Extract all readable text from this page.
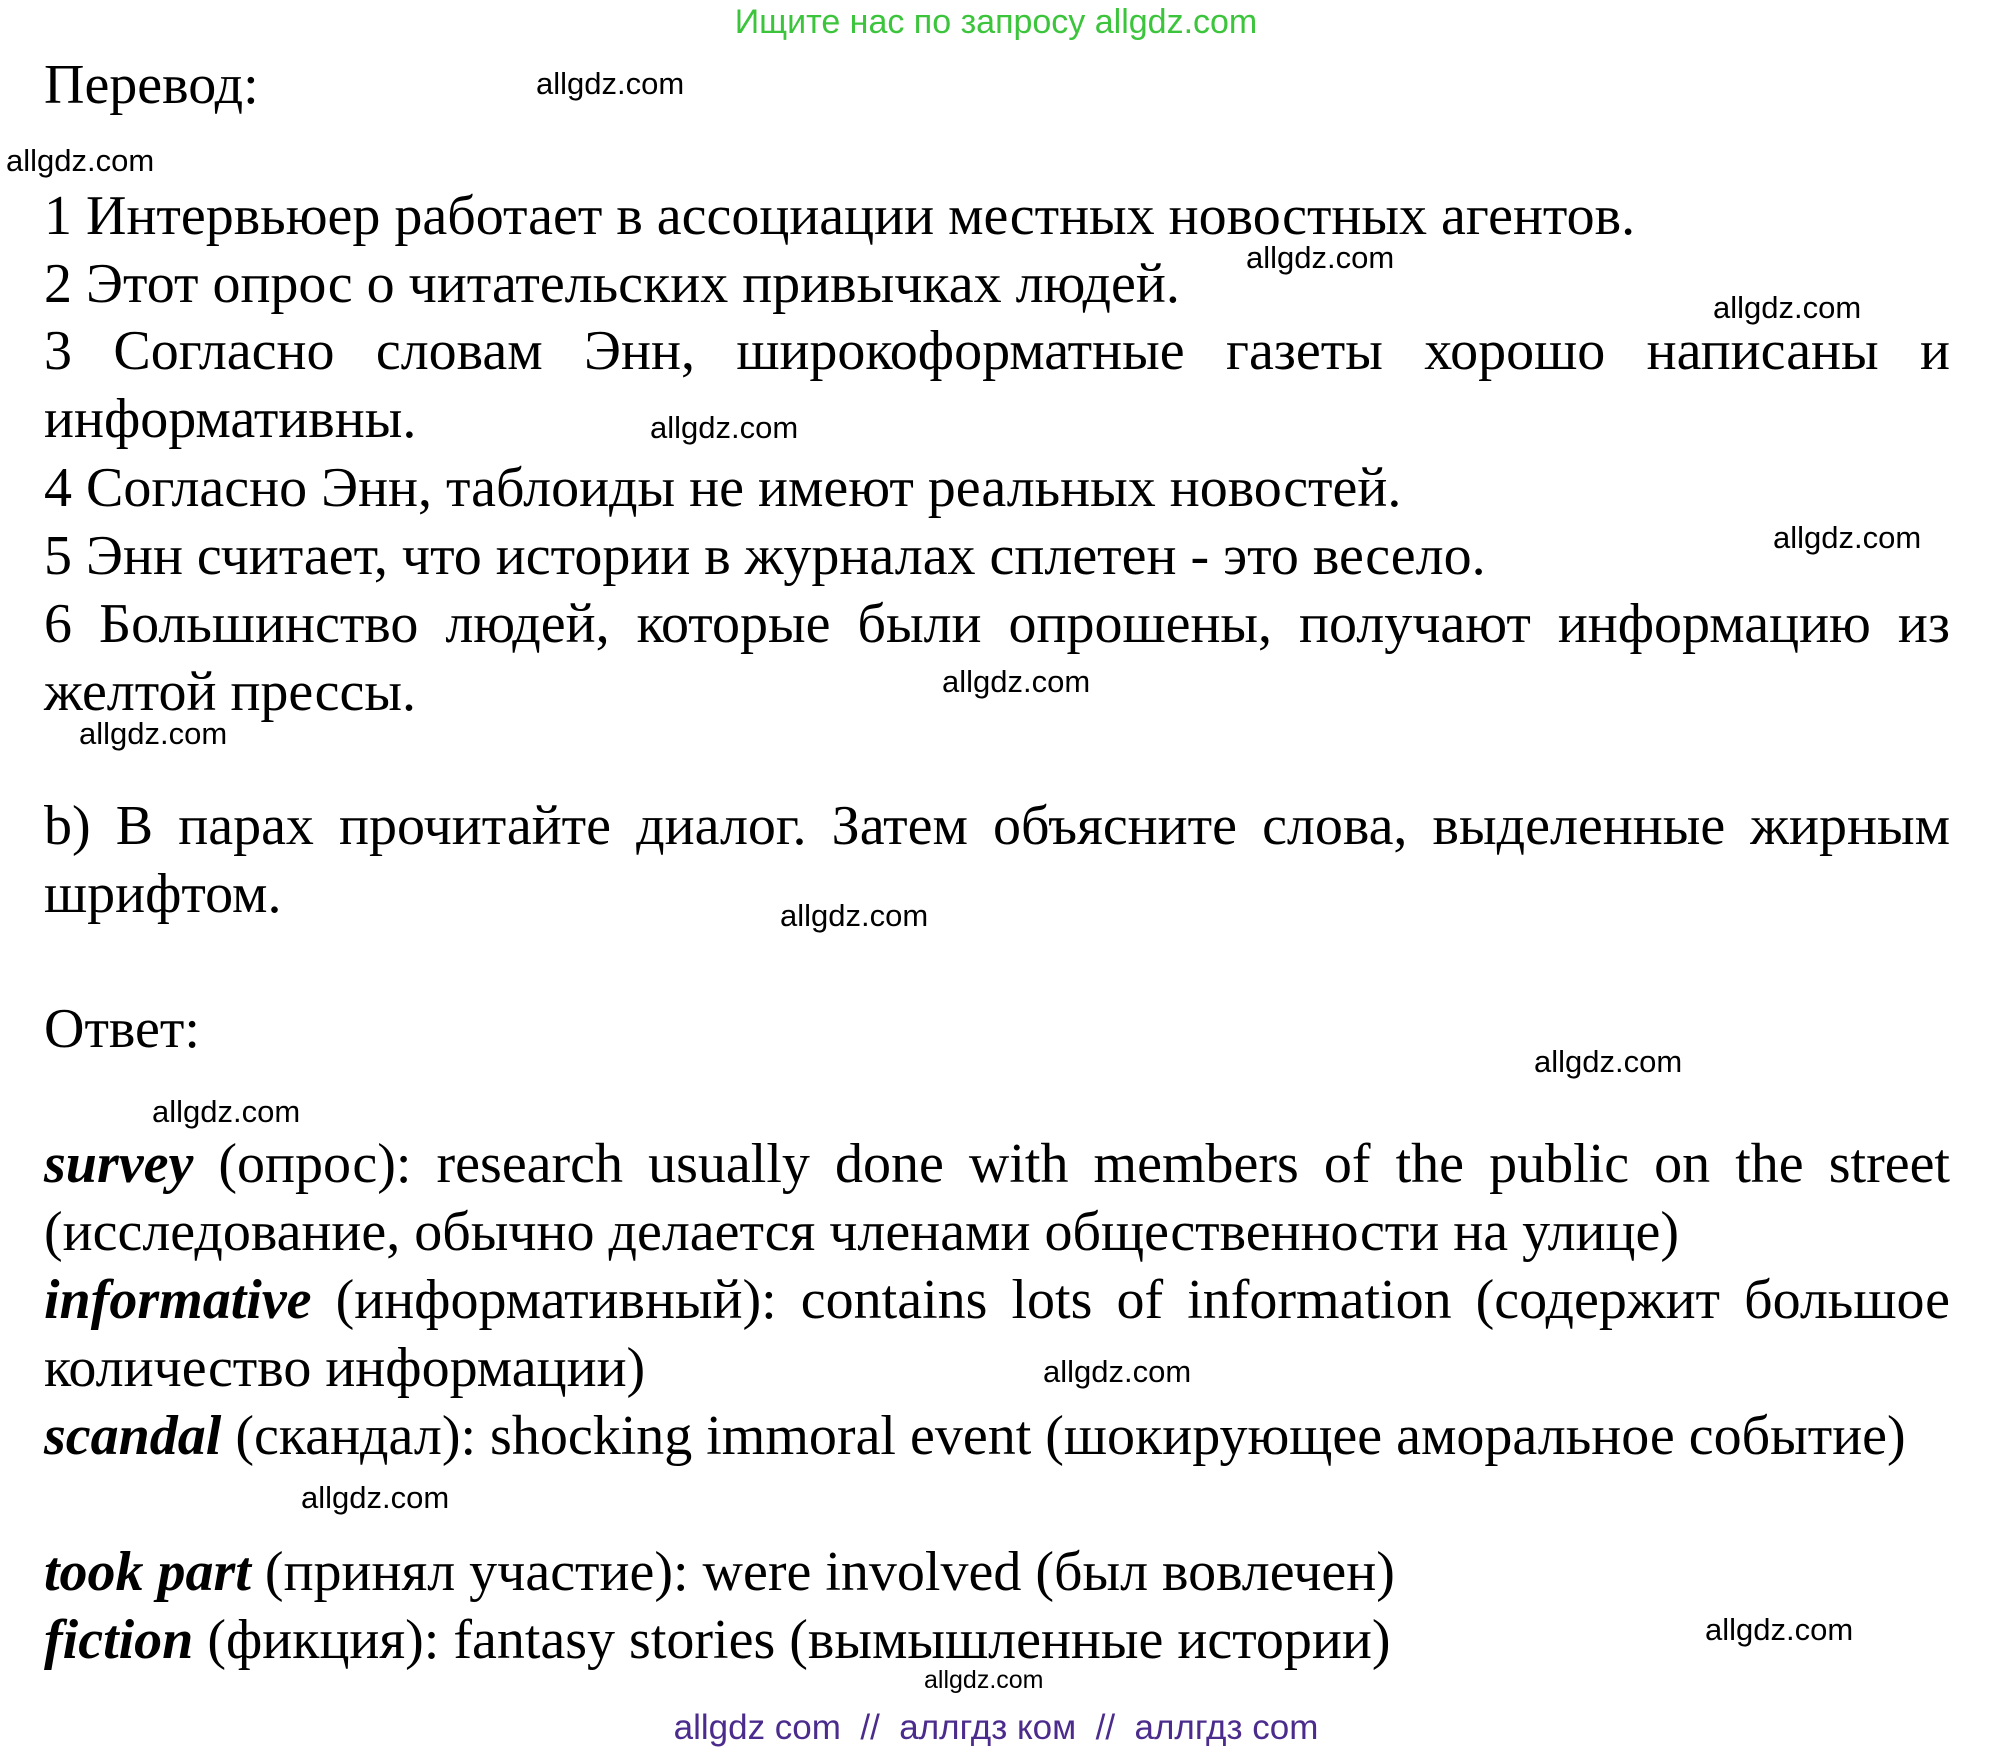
Ищите нас по запросу allgdz.com
Перевод:
1 Интервьюер работает в ассоциации местных новостных агентов.
2 Этот опрос о читательских привычках людей.
3 Согласно словам Энн, широкоформатные газеты хорошо написаны и информативны.
4 Согласно Энн, таблоиды не имеют реальных новостей.
5 Энн считает, что истории в журналах сплетен - это весело.
6 Большинство людей, которые были опрошены, получают информацию из желтой прессы.
b) В парах прочитайте диалог. Затем объясните слова, выделенные жирным шрифтом.
Ответ:
survey (опрос): research usually done with members of the public on the street (исследование, обычно делается членами общественности на улице)
informative (информативный): contains lots of information (содержит большое количество информации)
scandal (скандал): shocking immoral event (шокирующее аморальное событие)
took part (принял участие): were involved (был вовлечен)
fiction (фикция): fantasy stories (вымышленные истории)
allgdz.com
allgdz.com
allgdz.com
allgdz.com
allgdz.com
allgdz.com
allgdz.com
allgdz.com
allgdz.com
allgdz.com
allgdz.com
allgdz.com
allgdz.com
allgdz.com
allgdz.com
allgdz com  //  аллгдз ком  //  аллгдз com
